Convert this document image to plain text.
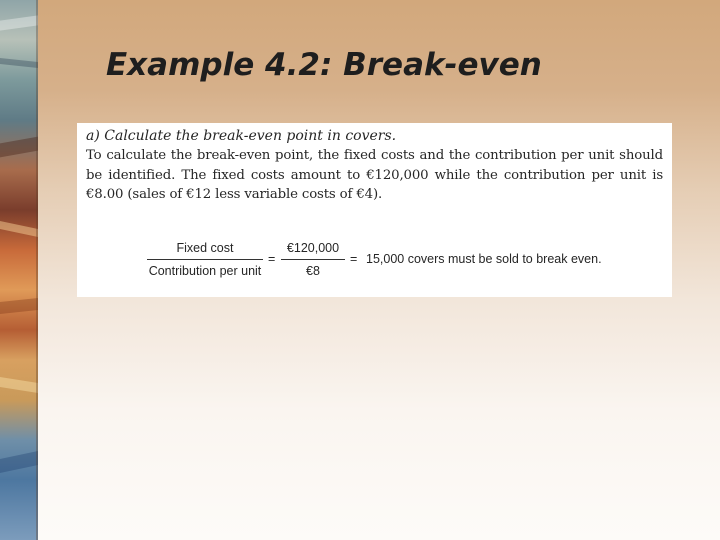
Example 4.2: Break-even

a) Calculate the break-even point in covers.

To calculate the break-even point, the fixed costs and the contribution per unit should be identified. The fixed costs amount to €120,000 while the contribution per unit is €8.00 (sales of €12 less variable costs of €4).

Fixed cost
Contribution per unit
=
€120,000
€8
= 15,000 covers must be sold to break even.
